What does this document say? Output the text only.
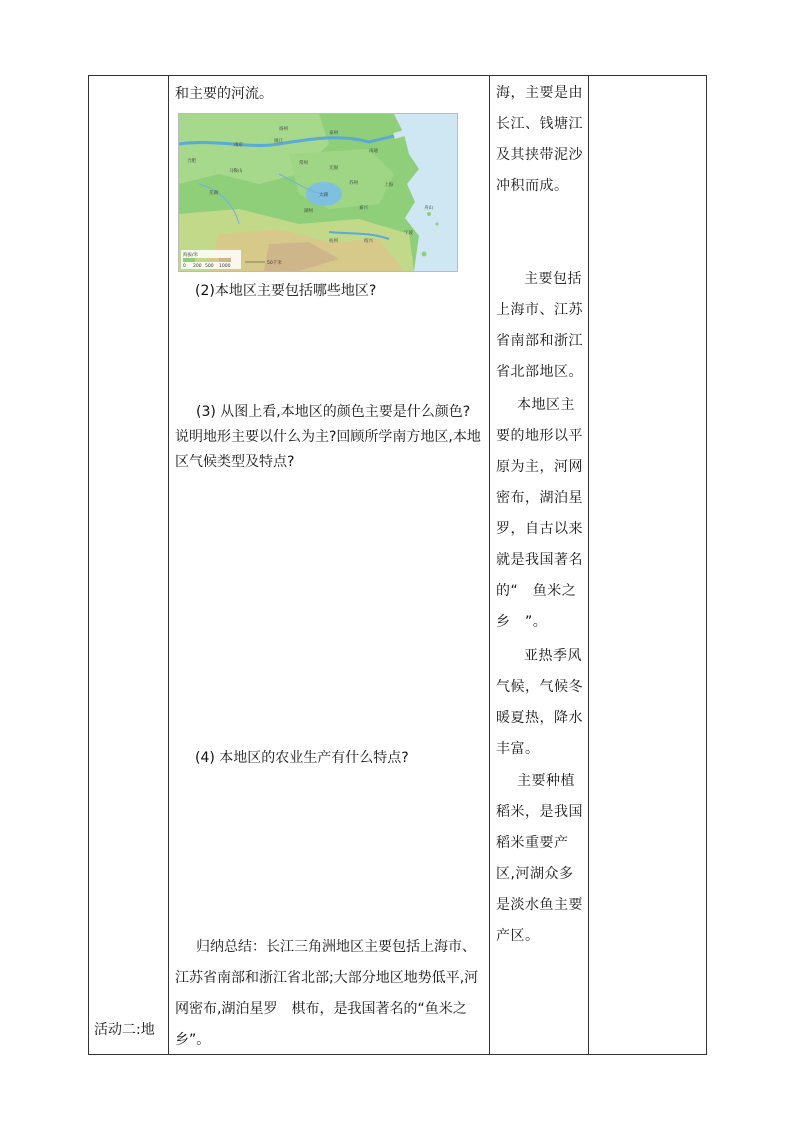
活动二:地

和主要的河流。

南通
上海
杭州
苏州
南京
镇江
扬州
无锡
常州
湖州
嘉兴
绍兴
宁波
舟山
泰州
合肥
芜湖
马鞍山
太湖
海拔/米
0 200 500 1000
50千米

(2)本地区主要包括哪些地区?

(3) 从图上看,本地区的颜色主要是什么颜色?说明地形主要以什么为主?回顾所学南方地区,本地区气候类型及特点?

(4) 本地区的农业生产有什么特点?

归纳总结：长江三角洲地区主要包括上海市、江苏省南部和浙江省北部;大部分地区地势低平,河网密布,湖泊星罗　棋布，是我国著名的“鱼米之乡”。

海，主要是由长江、钱塘江及其挟带泥沙冲积而成。

主要包括上海市、江苏省南部和浙江省北部地区。

本地区主要的地形以平原为主，河网密布，湖泊星罗，自古以来就是我国著名的“　鱼米之乡　”。

亚热季风气候，气候冬暖夏热，降水丰富。

主要种植稻米，是我国稻米重要产区,河湖众多是淡水鱼主要产区。
